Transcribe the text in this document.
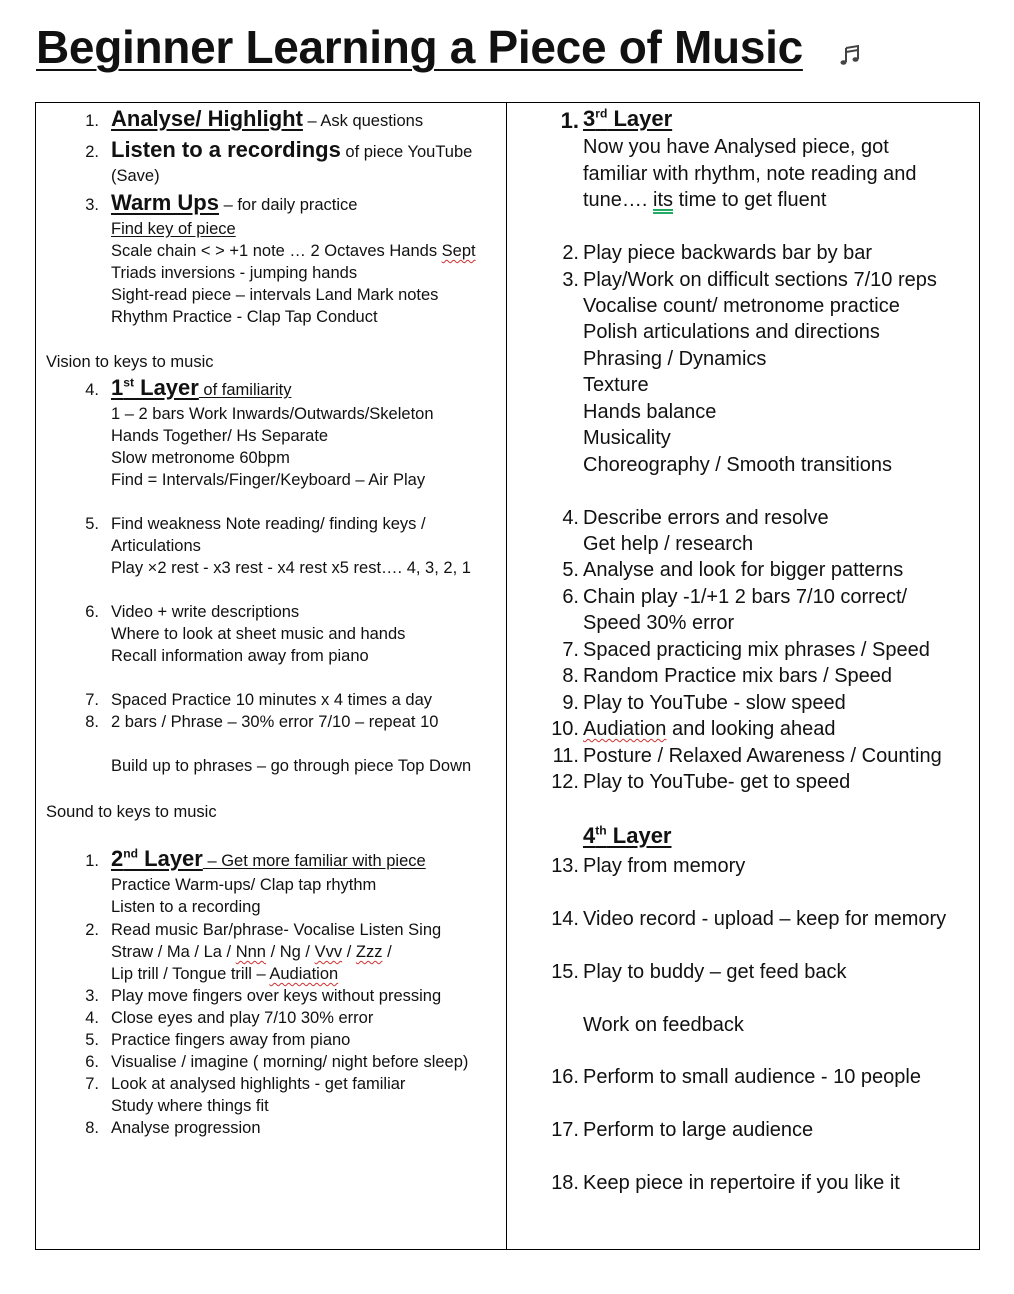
Beginner Learning a Piece of Music
1. Analyse/ Highlight – Ask questions
2. Listen to a recordings of piece YouTube
(Save)
3. Warm Ups – for daily practice
Find key of piece
Scale chain < > +1 note … 2 Octaves Hands Sept
Triads inversions - jumping hands
Sight-read piece – intervals Land Mark notes
Rhythm Practice - Clap Tap Conduct
Vision to keys to music
4. 1st Layer of familiarity
1 – 2 bars Work Inwards/Outwards/Skeleton
Hands Together/ Hs Separate
Slow metronome 60bpm
Find = Intervals/Finger/Keyboard – Air Play
5. Find weakness Note reading/ finding keys /
Articulations
Play ×2 rest - x3 rest - x4 rest x5 rest…. 4, 3, 2, 1
6. Video + write descriptions
Where to look at sheet music and hands
Recall information away from piano
7. Spaced Practice 10 minutes x 4 times a day
8. 2 bars / Phrase – 30% error 7/10 – repeat 10
Build up to phrases – go through piece Top Down
Sound to keys to music
1. 2nd Layer – Get more familiar with piece
Practice Warm-ups/ Clap tap rhythm
Listen to a recording
2. Read music Bar/phrase- Vocalise Listen Sing
Straw / Ma / La / Nnn / Ng / Vvv / Zzz /
Lip trill / Tongue trill – Audiation
3. Play move fingers over keys without pressing
4. Close eyes and play 7/10 30% error
5. Practice fingers away from piano
6. Visualise / imagine ( morning/ night before sleep)
7. Look at analysed highlights - get familiar
Study where things fit
8. Analyse progression
1. 3rd Layer
Now you have Analysed piece, got
familiar with rhythm, note reading and
tune…. its time to get fluent
2. Play piece backwards bar by bar
3. Play/Work on difficult sections 7/10 reps
Vocalise count/ metronome practice
Polish articulations and directions
Phrasing / Dynamics
Texture
Hands balance
Musicality
Choreography / Smooth transitions
4. Describe errors and resolve
Get help / research
5. Analyse and look for bigger patterns
6. Chain play -1/+1 2 bars 7/10 correct/
Speed 30% error
7. Spaced practicing mix phrases / Speed
8. Random Practice mix bars / Speed
9. Play to YouTube - slow speed
10. Audiation and looking ahead
11. Posture / Relaxed Awareness / Counting
12. Play to YouTube- get to speed
4th Layer
13. Play from memory
14. Video record - upload – keep for memory
15. Play to buddy – get feed back
Work on feedback
16. Perform to small audience - 10 people
17. Perform to large audience
18. Keep piece in repertoire if you like it
